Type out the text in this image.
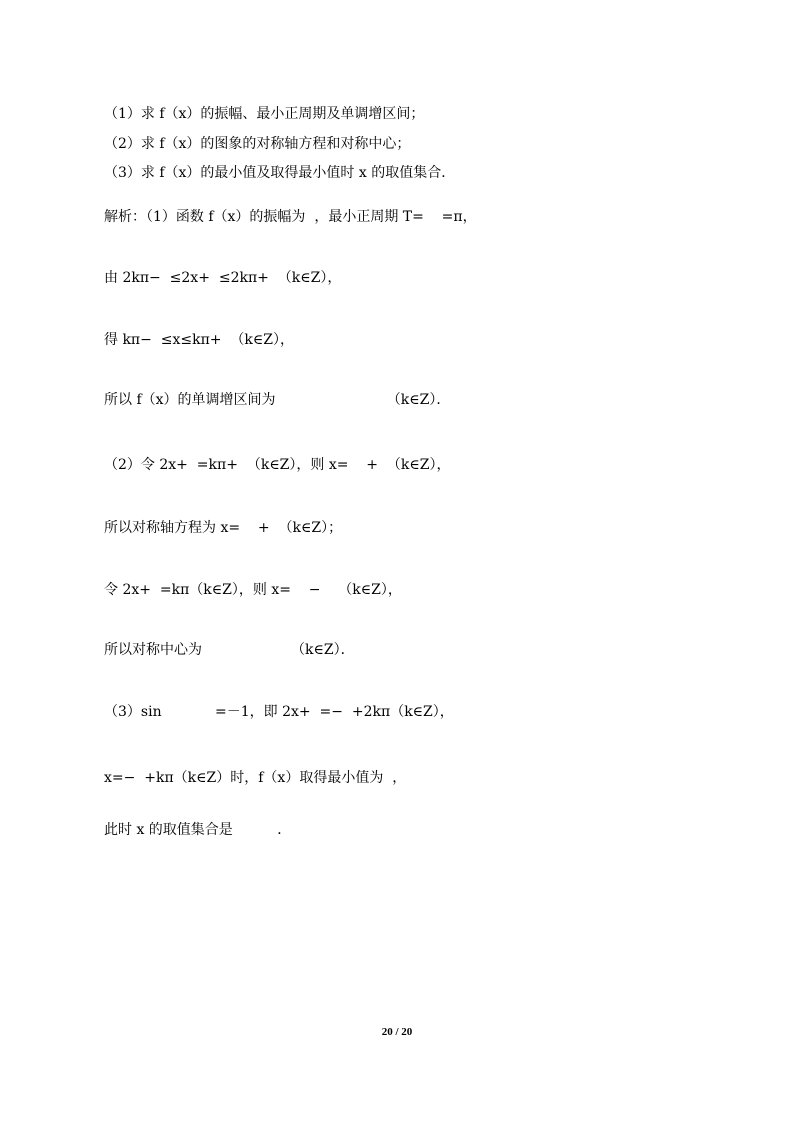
（1）求 f（x）的振幅、最小正周期及单调增区间；
（2）求 f（x）的图象的对称轴方程和对称中心；
（3）求 f（x）的最小值及取得最小值时 x 的取值集合．
解析：（1）函数 f（x）的振幅为  ，最小正周期 T=    =π，
由 2kπ−  ≤2x+  ≤2kπ+  （k∈Z），
得 kπ−  ≤x≤kπ+  （k∈Z），
所以 f（x）的单调增区间为                         （k∈Z）．
（2）令 2x+  =kπ+  （k∈Z），则 x=    +  （k∈Z），
所以对称轴方程为 x=    +  （k∈Z）；
令 2x+  =kπ（k∈Z），则 x=    −    （k∈Z），
所以对称中心为                    （k∈Z）．
（3）sin            =－1，即 2x+  =−  +2kπ（k∈Z），
x=−  +kπ（k∈Z）时，f（x）取得最小值为  ，
此时 x 的取值集合是          ．
20 / 20
